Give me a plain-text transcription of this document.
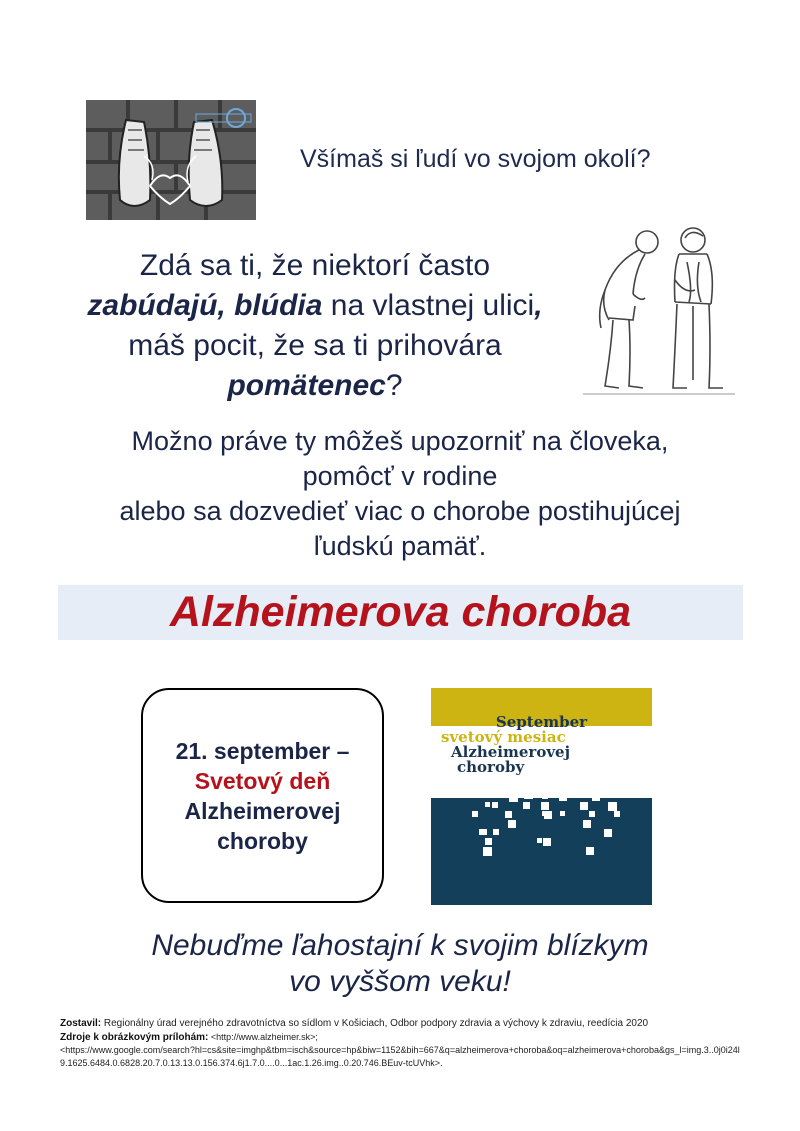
Všímaš si ľudí vo svojom okolí?
Zdá sa ti, že niektorí často
zabúdajú, blúdia na vlastnej ulici,
máš pocit, že sa ti prihovára
pomätenec?
Možno práve ty môžeš upozorniť na človeka,
pomôcť v rodine
alebo sa dozvedieť viac o chorobe postihujúcej
ľudskú pamäť.
Alzheimerova choroba
21. september –
Svetový deň
Alzheimerovej
choroby
September
svetový mesiac
Alzheimerovej
choroby
Nebuďme ľahostajní k svojim blízkym
vo vyššom veku!
Zostavil: Regionálny úrad verejného zdravotníctva so sídlom v Košiciach, Odbor podpory zdravia a výchovy k zdraviu, reedícia 2020
Zdroje k obrázkovým prílohám: <http://www.alzheimer.sk>;
<https://www.google.com/search?hl=cs&site=imghp&tbm=isch&source=hp&biw=1152&bih=667&q=alzheimerova+choroba&oq=alzheimerova+choroba&gs_l=img.3..0j0i24l9.1625.6484.0.6828.20.7.0.13.13.0.156.374.6j1.7.0....0...1ac.1.26.img..0.20.746.BEuv-tcUVhk>.
